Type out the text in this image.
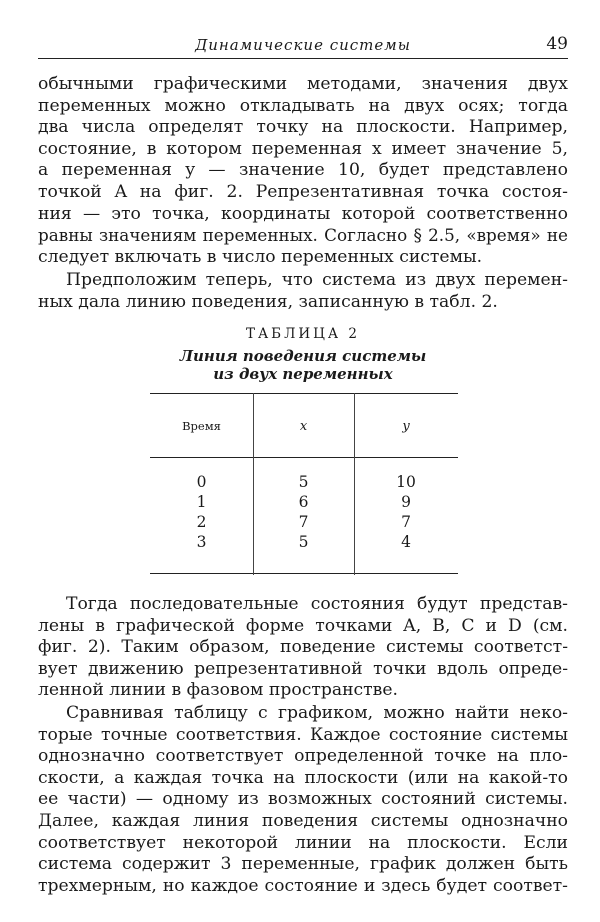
Динамические системы	49
обычными графическими методами, значения двух
переменных можно откладывать на двух осях; тогда
два числа определят точку на плоскости. Например,
состояние, в котором переменная x имеет значение 5,
а переменная y — значение 10, будет представлено
точкой A на фиг. 2. Репрезентативная точка состоя-
ния — это точка, координаты которой соответственно
равны значениям переменных. Согласно § 2.5, «время» не
следует включать в число переменных системы.
Предположим теперь, что система из двух перемен-
ных дала линию поведения, записанную в табл. 2.
ТАБЛИЦА 2
Линия поведения системы
из двух переменных
Время	x	y
0	5	10
1	6	9
2	7	7
3	5	4
Тогда последовательные состояния будут представ-
лены в графической форме точками A, B, C и D (см.
фиг. 2). Таким образом, поведение системы соответст-
вует движению репрезентативной точки вдоль опреде-
ленной линии в фазовом пространстве.
Сравнивая таблицу с графиком, можно найти неко-
торые точные соответствия. Каждое состояние системы
однозначно соответствует определенной точке на пло-
скости, а каждая точка на плоскости (или на какой-то
ее части) — одному из возможных состояний системы.
Далее, каждая линия поведения системы однозначно
соответствует некоторой линии на плоскости. Если
система содержит 3 переменные, график должен быть
трехмерным, но каждое состояние и здесь будет соответ-
